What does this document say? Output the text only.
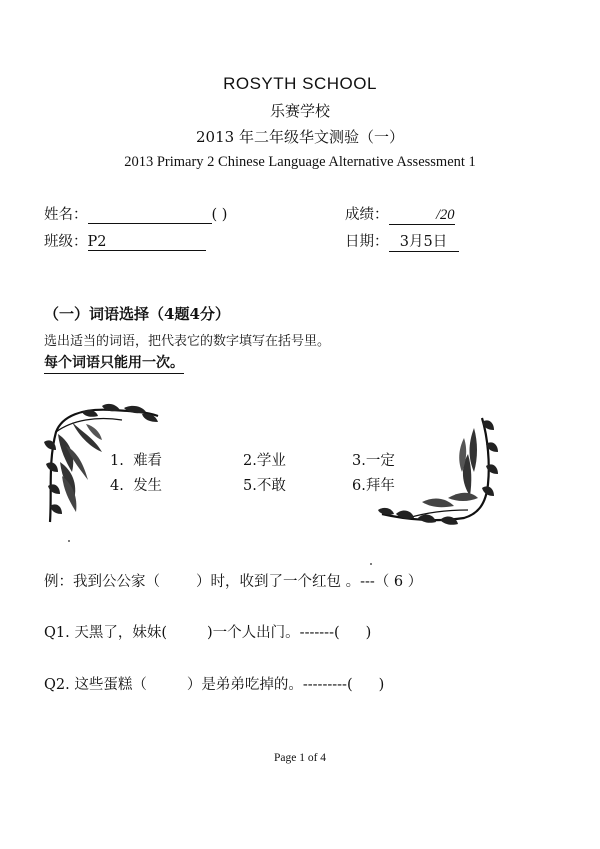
ROSYTH SCHOOL
乐赛学校
2013 年二年级华文测验（一）
2013 Primary 2 Chinese Language Alternative Assessment 1
姓名：	( )
班级：P2
成绩：	/20
日期： 3月5日
（一）词语选择（4题4分）
选出适当的词语，把代表它的数字填写在括号里。
每个词语只能用一次。
1. 难看	2.学业	3.一定
4. 发生	5.不敢	6.拜年
例：我到公公家（ ）时，收到了一个红包 。---（ 6 ）
Q1. 天黑了，妹妹(	)一个人出门。-------( )
Q2. 这些蛋糕（	）是弟弟吃掉的。---------( )
Page 1 of 4
